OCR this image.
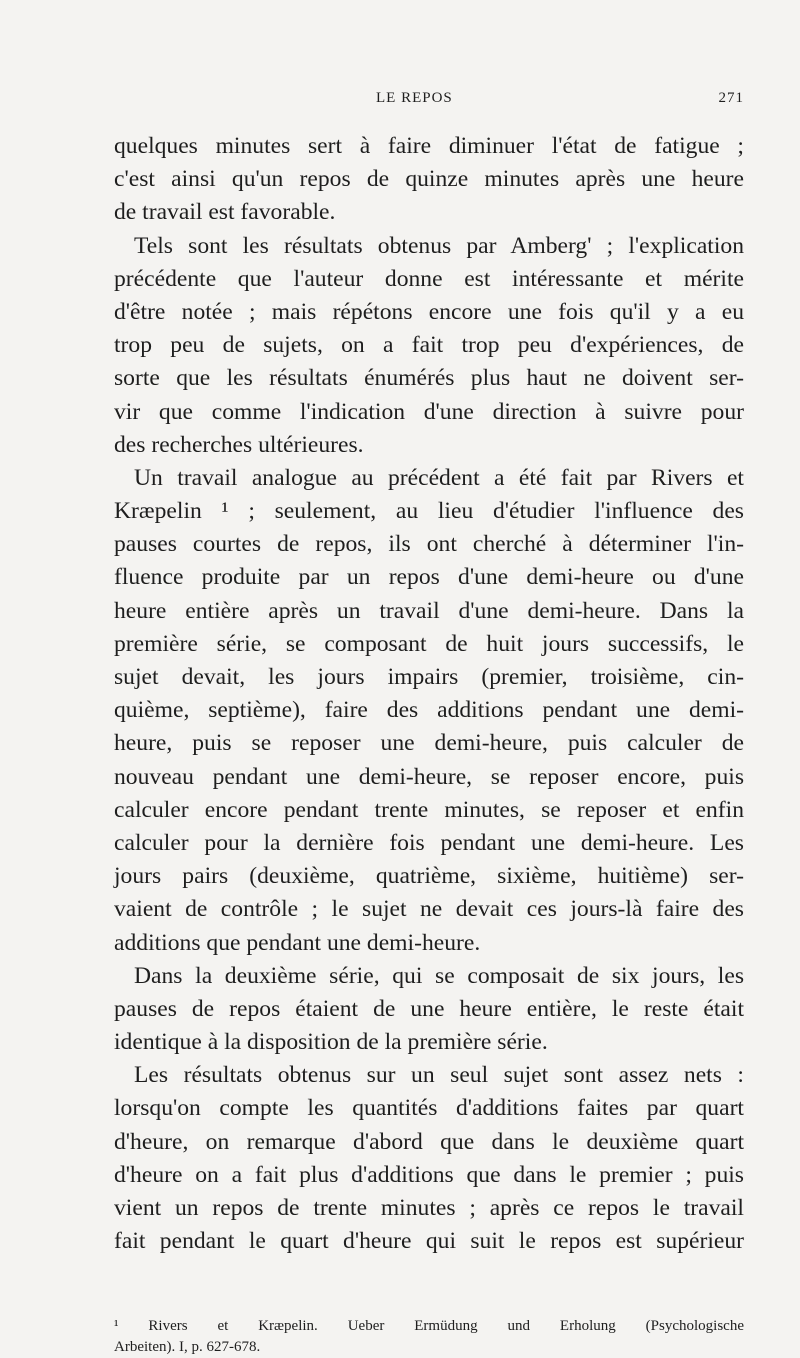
LE REPOS	271
quelques minutes sert à faire diminuer l'état de fatigue ;
c'est ainsi qu'un repos de quinze minutes après une heure
de travail est favorable.
Tels sont les résultats obtenus par Amberg' ; l'explication
précédente que l'auteur donne est intéressante et mérite
d'être notée ; mais répétons encore une fois qu'il y a eu
trop peu de sujets, on a fait trop peu d'expériences, de
sorte que les résultats énumérés plus haut ne doivent ser-
vir que comme l'indication d'une direction à suivre pour
des recherches ultérieures.
Un travail analogue au précédent a été fait par Rivers et
Kræpelin ¹ ; seulement, au lieu d'étudier l'influence des
pauses courtes de repos, ils ont cherché à déterminer l'in-
fluence produite par un repos d'une demi-heure ou d'une
heure entière après un travail d'une demi-heure. Dans la
première série, se composant de huit jours successifs, le
sujet devait, les jours impairs (premier, troisième, cin-
quième, septième), faire des additions pendant une demi-
heure, puis se reposer une demi-heure, puis calculer de
nouveau pendant une demi-heure, se reposer encore, puis
calculer encore pendant trente minutes, se reposer et enfin
calculer pour la dernière fois pendant une demi-heure. Les
jours pairs (deuxième, quatrième, sixième, huitième) ser-
vaient de contrôle ; le sujet ne devait ces jours-là faire des
additions que pendant une demi-heure.
Dans la deuxième série, qui se composait de six jours, les
pauses de repos étaient de une heure entière, le reste était
identique à la disposition de la première série.
Les résultats obtenus sur un seul sujet sont assez nets :
lorsqu'on compte les quantités d'additions faites par quart
d'heure, on remarque d'abord que dans le deuxième quart
d'heure on a fait plus d'additions que dans le premier ; puis
vient un repos de trente minutes ; après ce repos le travail
fait pendant le quart d'heure qui suit le repos est supérieur
¹ Rivers et Kræpelin. Ueber Ermüdung und Erholung (Psychologische
Arbeiten). I, p. 627-678.
